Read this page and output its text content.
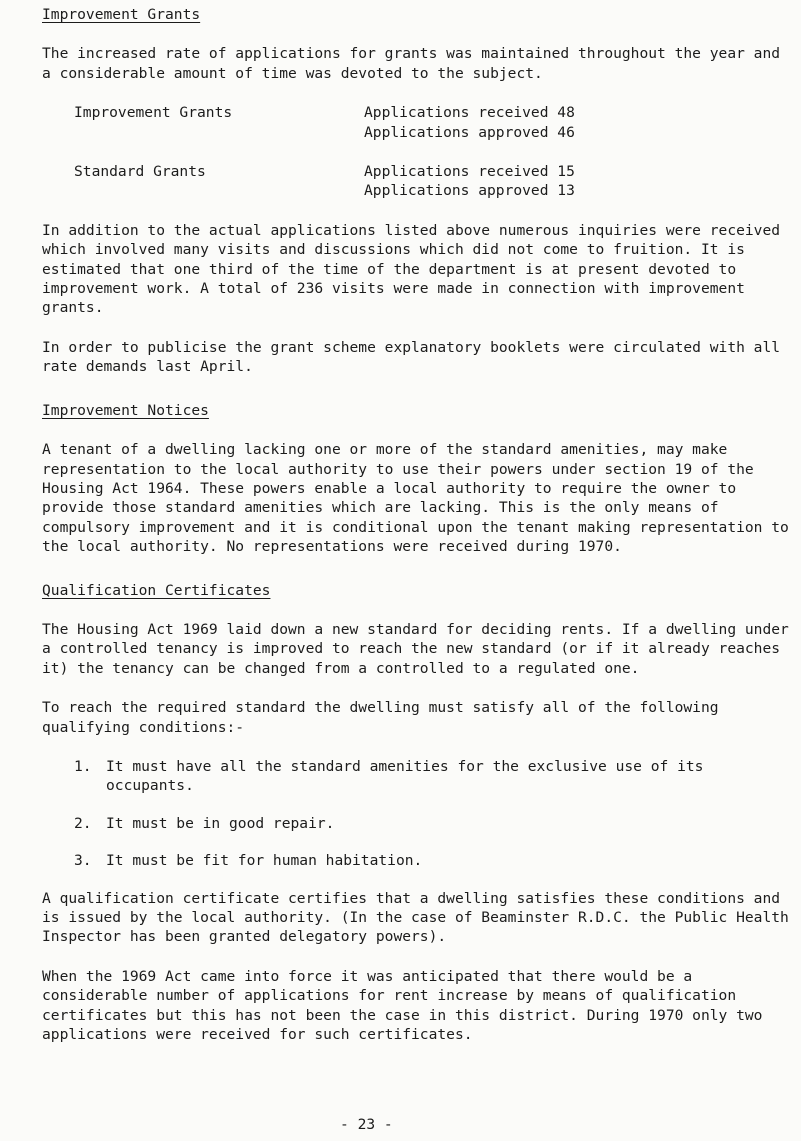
Improvement Grants

The increased rate of applications for grants was maintained throughout the year and a considerable amount of time was devoted to the subject.

Improvement Grants	Applications received 48
Applications approved 46
Standard Grants	Applications received 15
Applications approved 13

In addition to the actual applications listed above numerous inquiries were received which involved many visits and discussions which did not come to fruition. It is estimated that one third of the time of the department is at present devoted to improvement work. A total of 236 visits were made in connection with improvement grants.

In order to publicise the grant scheme explanatory booklets were circulated with all rate demands last April.

Improvement Notices

A tenant of a dwelling lacking one or more of the standard amenities, may make representation to the local authority to use their powers under section 19 of the Housing Act 1964. These powers enable a local authority to require the owner to provide those standard amenities which are lacking. This is the only means of compulsory improvement and it is conditional upon the tenant making representation to the local authority. No representations were received during 1970.

Qualification Certificates

The Housing Act 1969 laid down a new standard for deciding rents. If a dwelling under a controlled tenancy is improved to reach the new standard (or if it already reaches it) the tenancy can be changed from a controlled to a regulated one.

To reach the required standard the dwelling must satisfy all of the following qualifying conditions:-

1. It must have all the standard amenities for the exclusive use of its occupants.
2. It must be in good repair.
3. It must be fit for human habitation.

A qualification certificate certifies that a dwelling satisfies these conditions and is issued by the local authority. (In the case of Beaminster R.D.C. the Public Health Inspector has been granted delegatory powers).

When the 1969 Act came into force it was anticipated that there would be a considerable number of applications for rent increase by means of qualification certificates but this has not been the case in this district. During 1970 only two applications were received for such certificates.

- 23 -
